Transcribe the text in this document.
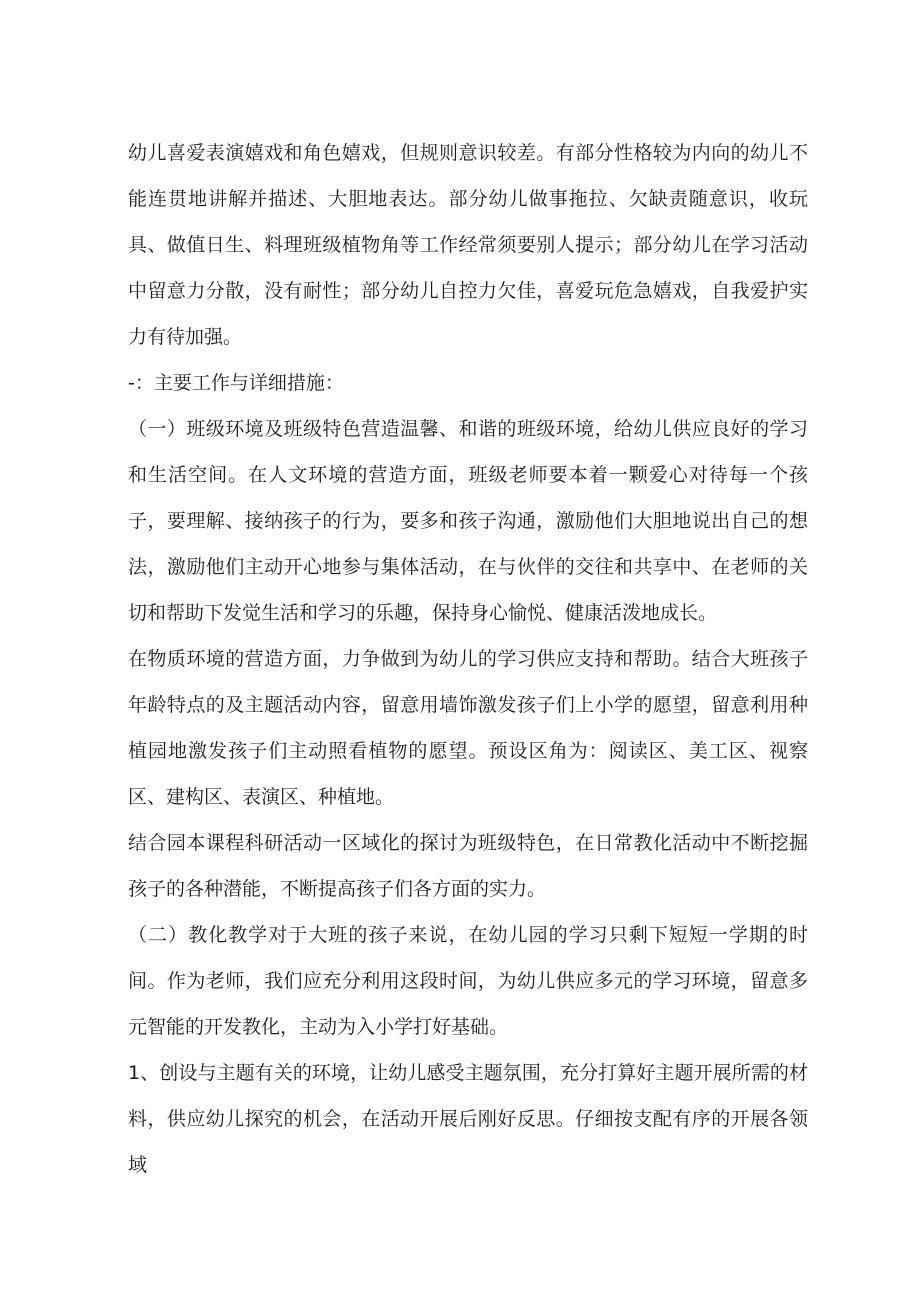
幼儿喜爱表演嬉戏和角色嬉戏，但规则意识较差。有部分性格较为内向的幼儿不能连贯地讲解并描述、大胆地表达。部分幼儿做事拖拉、欠缺责随意识，收玩具、做值日生、料理班级植物角等工作经常须要别人提示；部分幼儿在学习活动中留意力分散，没有耐性；部分幼儿自控力欠佳，喜爱玩危急嬉戏，自我爱护实力有待加强。

-：主要工作与详细措施：

（一）班级环境及班级特色营造温馨、和谐的班级环境，给幼儿供应良好的学习和生活空间。在人文环境的营造方面，班级老师要本着一颗爱心对待每一个孩子，要理解、接纳孩子的行为，要多和孩子沟通，激励他们大胆地说出自己的想法，激励他们主动开心地参与集体活动，在与伙伴的交往和共享中、在老师的关切和帮助下发觉生活和学习的乐趣，保持身心愉悦、健康活泼地成长。

在物质环境的营造方面，力争做到为幼儿的学习供应支持和帮助。结合大班孩子年龄特点的及主题活动内容，留意用墙饰激发孩子们上小学的愿望，留意利用种植园地激发孩子们主动照看植物的愿望。预设区角为：阅读区、美工区、视察区、建构区、表演区、种植地。

结合园本课程科研活动一区域化的探讨为班级特色，在日常教化活动中不断挖掘孩子的各种潜能，不断提高孩子们各方面的实力。

（二）教化教学对于大班的孩子来说，在幼儿园的学习只剩下短短一学期的时间。作为老师，我们应充分利用这段时间，为幼儿供应多元的学习环境，留意多元智能的开发教化，主动为入小学打好基础。

1、创设与主题有关的环境，让幼儿感受主题氛围，充分打算好主题开展所需的材料，供应幼儿探究的机会，在活动开展后刚好反思。仔细按支配有序的开展各领域
